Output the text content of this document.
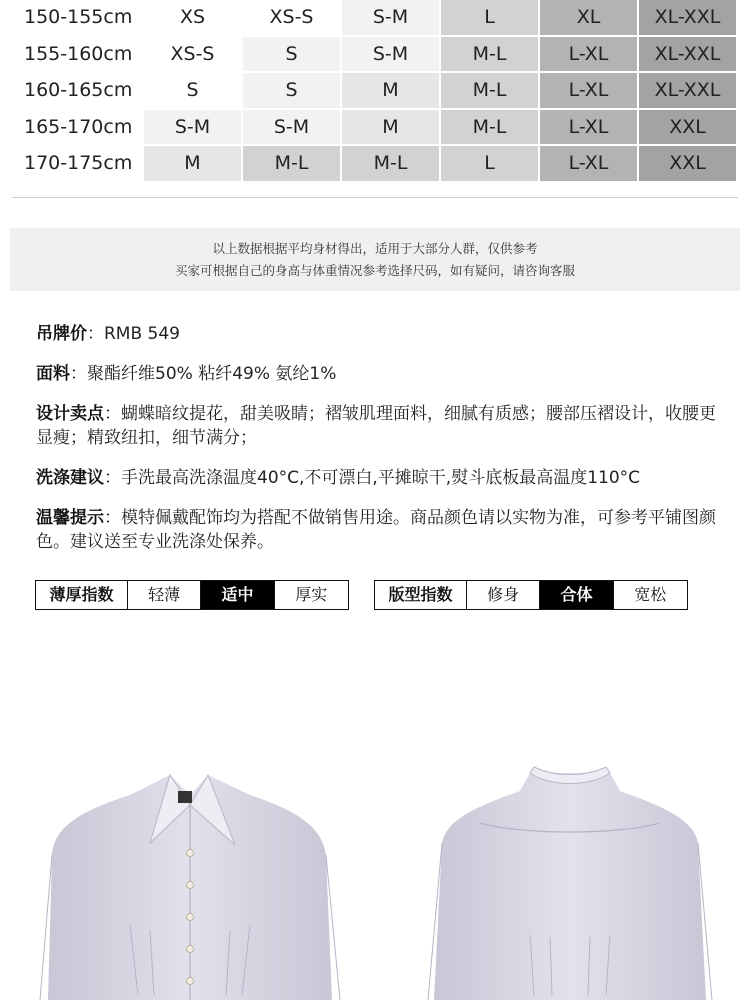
150-155cm	XS	XS-S	S-M	L	XL	XL-XXL
155-160cm	XS-S	S	S-M	M-L	L-XL	XL-XXL
160-165cm	S	S	M	M-L	L-XL	XL-XXL
165-170cm	S-M	S-M	M	M-L	L-XL	XXL
170-175cm	M	M-L	M-L	L	L-XL	XXL
以上数据根据平均身材得出，适用于大部分人群，仅供参考
买家可根据自己的身高与体重情况参考选择尺码，如有疑问，请咨询客服
吊牌价：RMB 549
面料：聚酯纤维50% 粘纤49% 氨纶1%
设计卖点：蝴蝶暗纹提花，甜美吸睛；褶皱肌理面料，细腻有质感；腰部压褶设计，收腰更显瘦；精致纽扣，细节满分；
洗涤建议：手洗最高洗涤温度40°C,不可漂白,平摊晾干,熨斗底板最高温度110°C
温馨提示：模特佩戴配饰均为搭配不做销售用途。商品颜色请以实物为准，可参考平铺图颜色。建议送至专业洗涤处保养。
薄厚指数	轻薄	适中	厚实	版型指数	修身	合体	宽松
